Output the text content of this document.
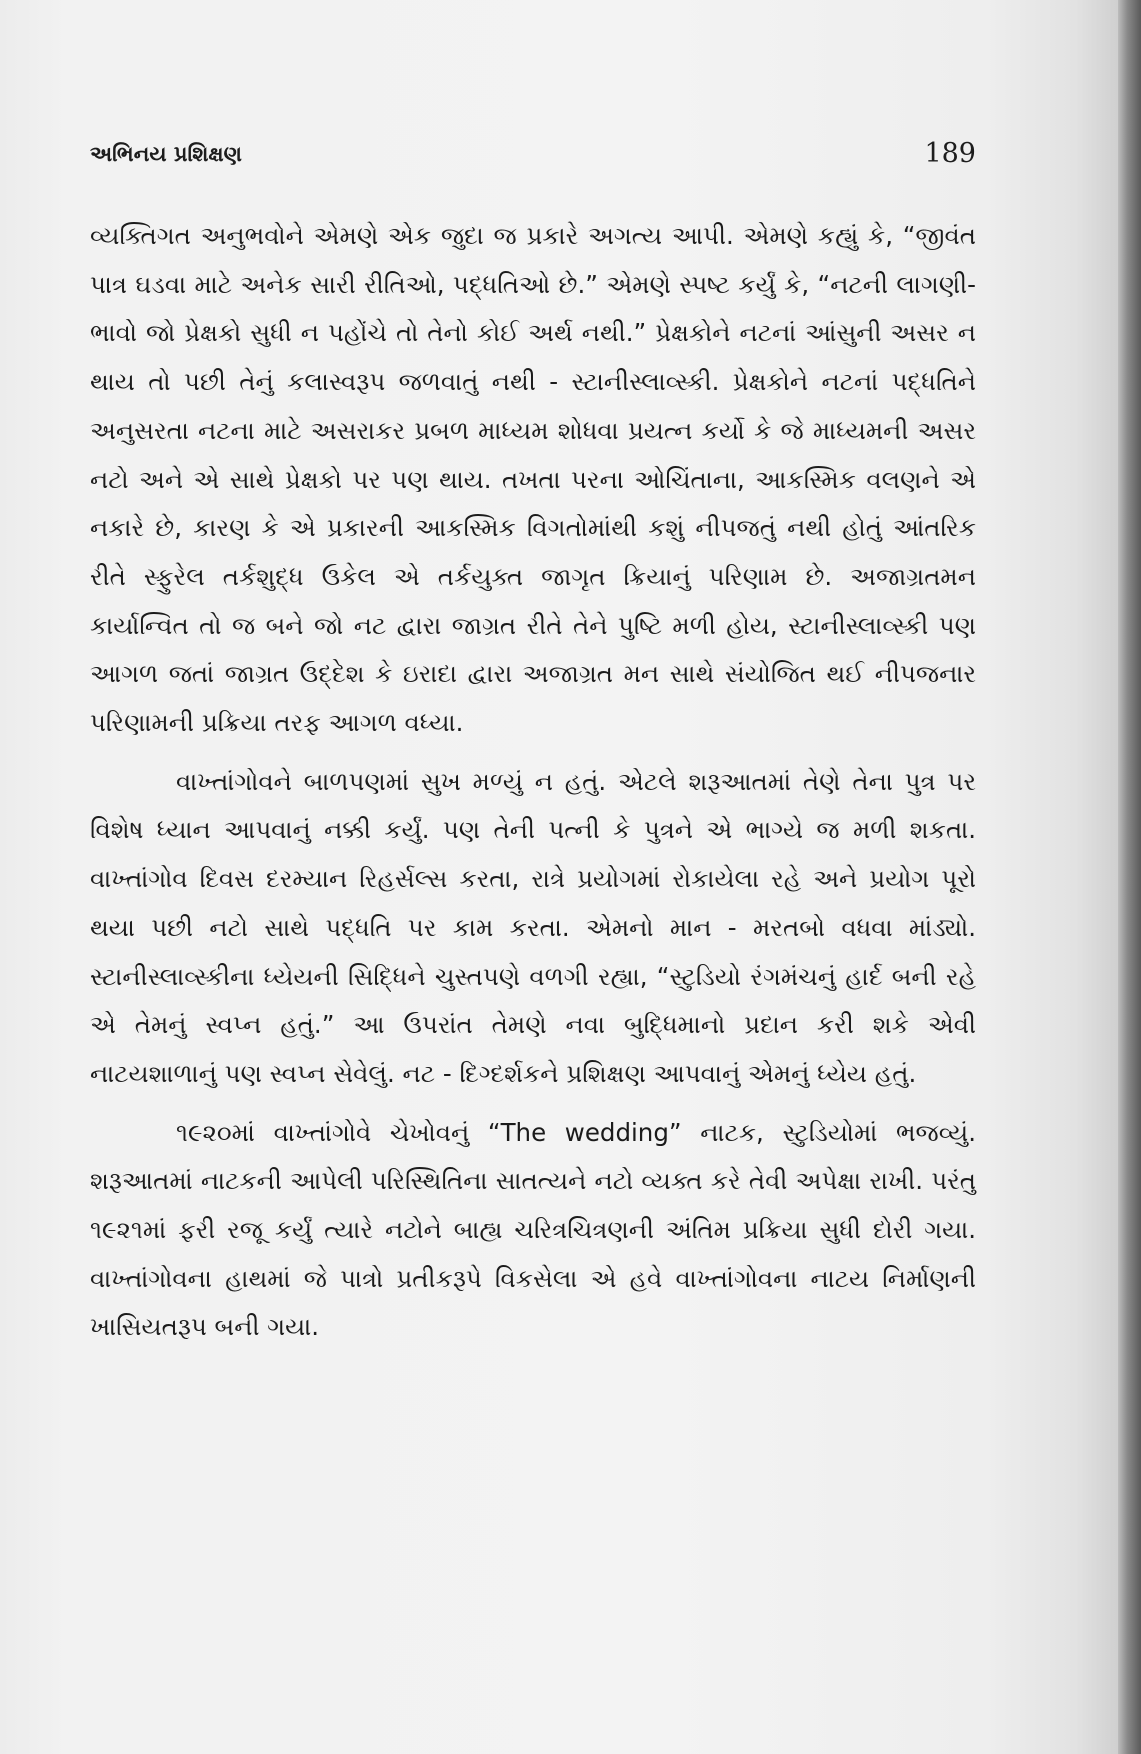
અભિનય પ્રશિક્ષણ	189

વ્યક્તિગત અનુભવોને એમણે એક જુદા જ પ્રકારે અગત્ય આપી. એમણે કહ્યું કે, “જીવંત પાત્ર ઘડવા માટે અનેક સારી રીતિઓ, પદ્ધતિઓ છે.” એમણે સ્પષ્ટ કર્યું કે, “નટની લાગણી-ભાવો જો પ્રેક્ષકો સુધી ન પહોંચે તો તેનો કોઈ અર્થ નથી.” પ્રેક્ષકોને નટનાં આંસુની અસર ન થાય તો પછી તેનું કલાસ્વરૂપ જળવાતું નથી - સ્ટાનીસ્લાવ્સ્કી. પ્રેક્ષકોને નટનાં પદ્ધતિને અનુસરતા નટના માટે અસરાકર પ્રબળ માધ્યમ શોધવા પ્રયત્ન કર્યો કે જે માધ્યમની અસર નટો અને એ સાથે પ્રેક્ષકો પર પણ થાય. તખતા પરના ઓચિંતાના, આકસ્મિક વલણને એ નકારે છે, કારણ કે એ પ્રકારની આકસ્મિક વિગતોમાંથી કશું નીપજતું નથી હોતું આંતરિક રીતે સ્ફુરેલ તર્કશુદ્ધ ઉકેલ એ તર્કયુક્ત જાગૃત ક્રિયાનું પરિણામ છે. અજાગ્રતમન કાર્યાન્વિત તો જ બને જો નટ દ્વારા જાગ્રત રીતે તેને પુષ્ટિ મળી હોય, સ્ટાનીસ્લાવ્સ્કી પણ આગળ જતાં જાગ્રત ઉદ્દેશ કે ઇરાદા દ્વારા અજાગ્રત મન સાથે સંયોજિત થઈ નીપજનાર પરિણામની પ્રક્રિયા તરફ આગળ વધ્યા.

વાખ્તાંગોવને બાળપણમાં સુખ મળ્યું ન હતું. એટલે શરૂઆતમાં તેણે તેના પુત્ર પર વિશેષ ધ્યાન આપવાનું નક્કી કર્યું. પણ તેની પત્ની કે પુત્રને એ ભાગ્યે જ મળી શકતા. વાખ્તાંગોવ દિવસ દરમ્યાન રિહર્સલ્સ કરતા, રાત્રે પ્રયોગમાં રોકાયેલા રહે અને પ્રયોગ પૂરો થયા પછી નટો સાથે પદ્ધતિ પર કામ કરતા. એમનો માન - મરતબો વધવા માંડ્યો. સ્ટાનીસ્લાવ્સ્કીના ધ્યેયની સિદ્ધિને ચુસ્તપણે વળગી રહ્યા, “સ્ટુડિયો રંગમંચનું હાર્દ બની રહે એ તેમનું સ્વપ્ન હતું.” આ ઉપરાંત તેમણે નવા બુદ્ધિમાનો પ્રદાન કરી શકે એવી નાટયશાળાનું પણ સ્વપ્ન સેવેલું. નટ - દિગ્દર્શકને પ્રશિક્ષણ આપવાનું એમનું ધ્યેય હતું.

૧૯૨૦માં વાખ્તાંગોવે ચેખોવનું “The wedding” નાટક, સ્ટુડિયોમાં ભજવ્યું. શરૂઆતમાં નાટકની આપેલી પરિસ્થિતિના સાતત્યને નટો વ્યક્ત કરે તેવી અપેક્ષા રાખી. પરંતુ ૧૯૨૧માં ફરી રજૂ કર્યું ત્યારે નટોને બાહ્ય ચરિત્રચિત્રણની અંતિમ પ્રક્રિયા સુધી દોરી ગયા. વાખ્તાંગોવના હાથમાં જે પાત્રો પ્રતીકરૂપે વિકસેલા એ હવે વાખ્તાંગોવના નાટય નિર્માણની ખાસિયતરૂપ બની ગયા.
